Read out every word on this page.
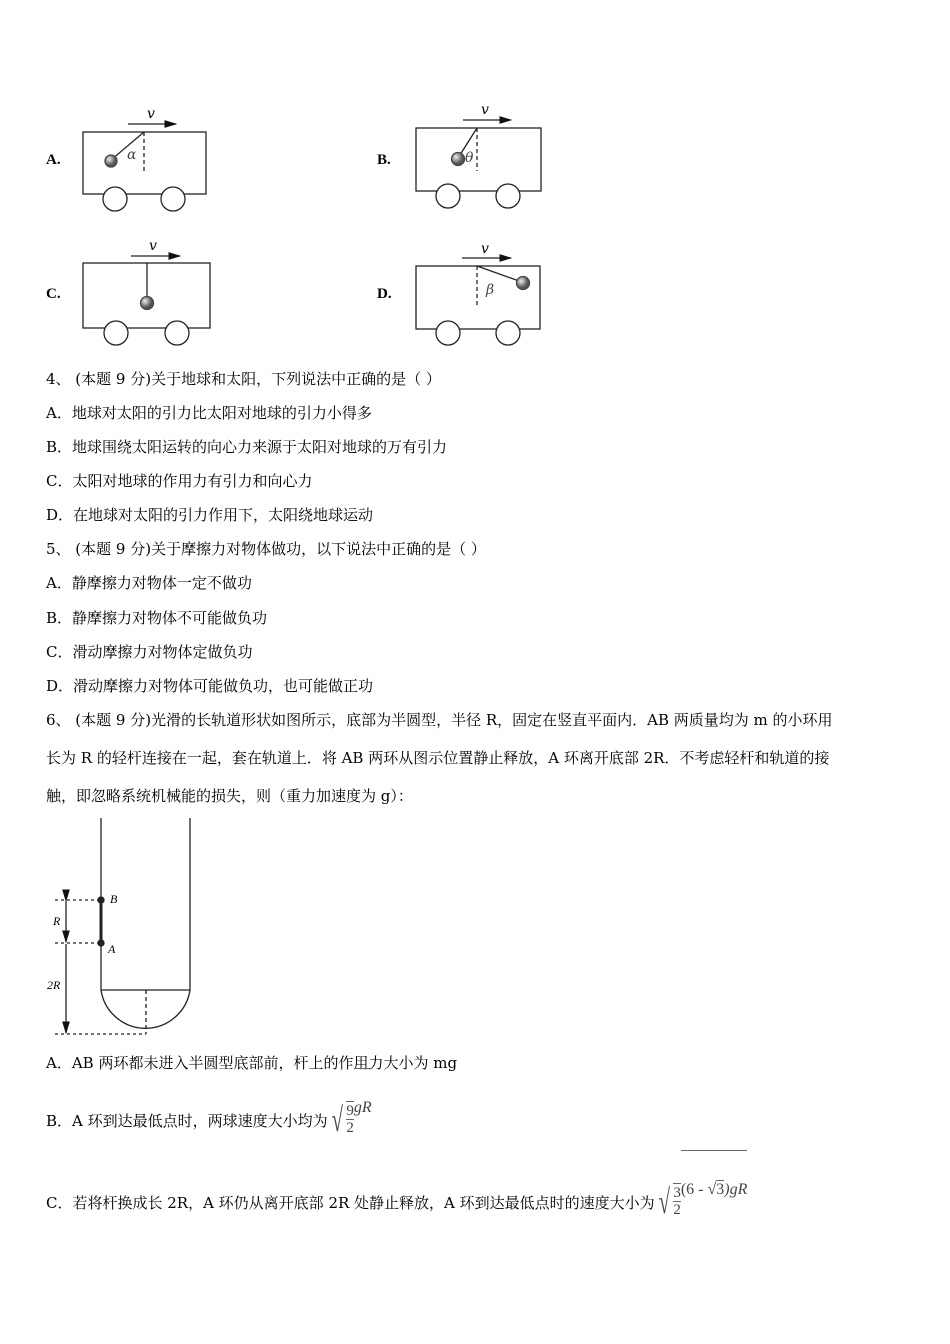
A.	B.
C.	D.
v	v
v	v
α	θ
β
4、 (本题 9 分)关于地球和太阳，下列说法中正确的是（ ）
A．地球对太阳的引力比太阳对地球的引力小得多
B．地球围绕太阳运转的向心力来源于太阳对地球的万有引力
C．太阳对地球的作用力有引力和向心力
D．在地球对太阳的引力作用下，太阳绕地球运动
5、 (本题 9 分)关于摩擦力对物体做功，以下说法中正确的是（ ）
A．静摩擦力对物体一定不做功
B．静摩擦力对物体不可能做负功
C．滑动摩擦力对物体定做负功
D．滑动摩擦力对物体可能做负功，也可能做正功
6、 (本题 9 分)光滑的长轨道形状如图所示，底部为半圆型，半径 R，固定在竖直平面内．AB 两质量均为 m 的小环用
长为 R 的轻杆连接在一起，套在轨道上．将 AB 两环从图示位置静止释放，A 环离开底部 2R．不考虑轻杆和轨道的接
触，即忽略系统机械能的损失，则（重力加速度为 g）：
B
A
R
2R
A．AB 两环都未进入半圆型底部前，杆上的作用力大小为 mg
B．A 环到达最低点时，两球速度大小均为 √ $\frac{9}{2}$ gR
C．若将杆换成长 2R，A 环仍从离开底部 2R 处静止释放，A 环到达最低点时的速度大小为 √ $\frac{3}{2} (6 - √3)gR$
